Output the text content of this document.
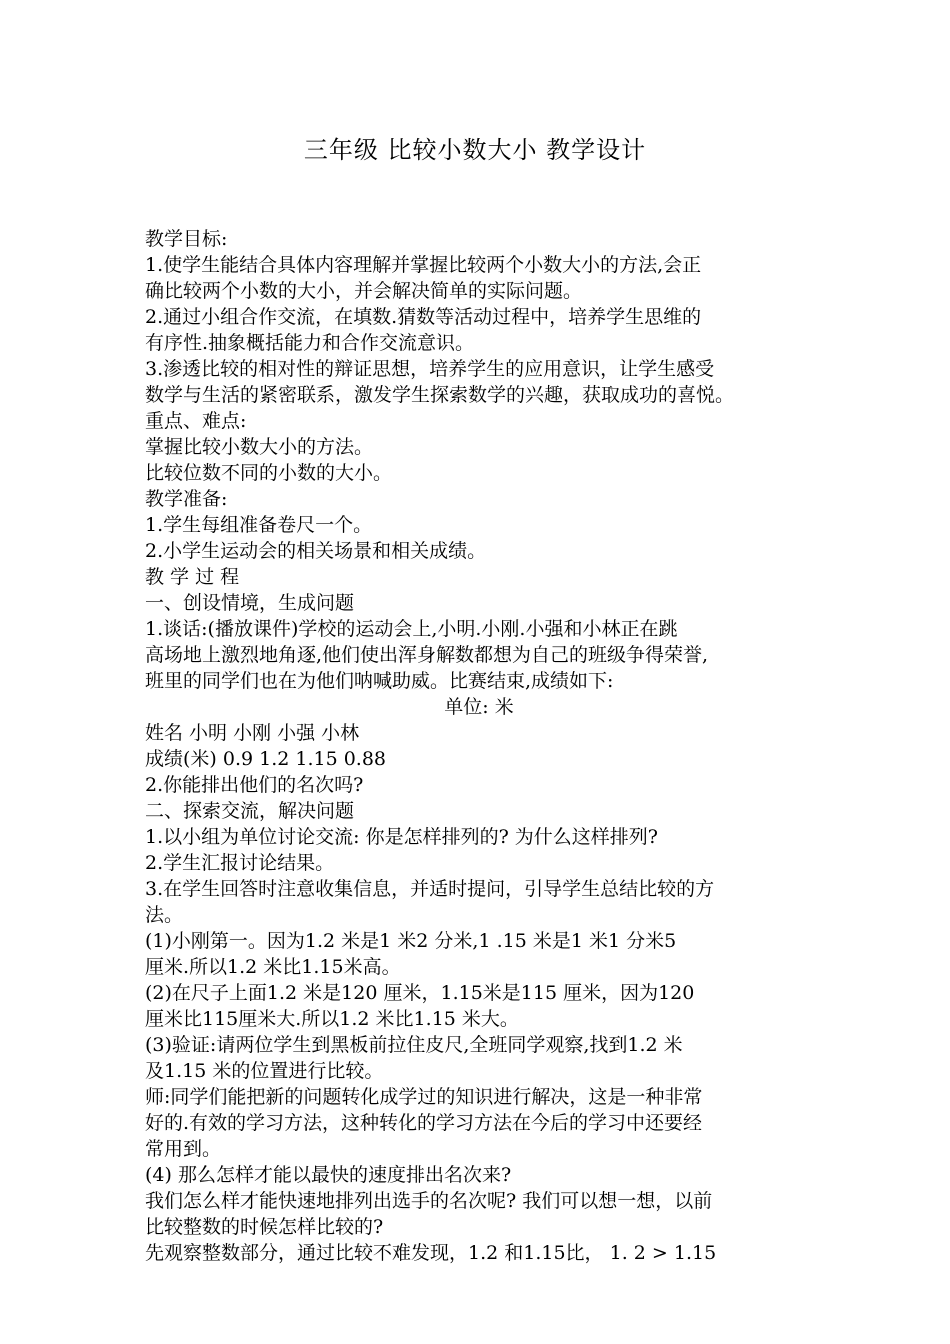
三年级 比较小数大小 教学设计
教学目标:
1.使学生能结合具体内容理解并掌握比较两个小数大小的方法,会正
确比较两个小数的大小，并会解决简单的实际问题。
2.通过小组合作交流，在填数.猜数等活动过程中，培养学生思维的
有序性.抽象概括能力和合作交流意识。
3.渗透比较的相对性的辩证思想，培养学生的应用意识，让学生感受
数学与生活的紧密联系，激发学生探索数学的兴趣，获取成功的喜悦。
重点、难点:
掌握比较小数大小的方法。
比较位数不同的小数的大小。
教学准备:
1.学生每组准备卷尺一个。
2.小学生运动会的相关场景和相关成绩。
教 学 过 程
一、创设情境，生成问题
1.谈话:(播放课件)学校的运动会上,小明.小刚.小强和小林正在跳
高场地上激烈地角逐,他们使出浑身解数都想为自己的班级争得荣誉,
班里的同学们也在为他们呐喊助威。比赛结束,成绩如下:
单位: 米
姓名 小明 小刚 小强 小林
成绩(米) 0.9 1.2 1.15 0.88
2.你能排出他们的名次吗?
二、探索交流，解决问题
1.以小组为单位讨论交流: 你是怎样排列的? 为什么这样排列?
2.学生汇报讨论结果。
3.在学生回答时注意收集信息，并适时提问，引导学生总结比较的方
法。
(1)小刚第一。因为1.2 米是1 米2 分米,1 .15 米是1 米1 分米5
厘米.所以1.2 米比1.15米高。
(2)在尺子上面1.2 米是120 厘米，1.15米是115 厘米，因为120
厘米比115厘米大.所以1.2 米比1.15 米大。
(3)验证:请两位学生到黑板前拉住皮尺,全班同学观察,找到1.2 米
及1.15 米的位置进行比较。
师:同学们能把新的问题转化成学过的知识进行解决，这是一种非常
好的.有效的学习方法，这种转化的学习方法在今后的学习中还要经
常用到。
(4) 那么怎样才能以最快的速度排出名次来?
我们怎么样才能快速地排列出选手的名次呢? 我们可以想一想，以前
比较整数的时候怎样比较的?
先观察整数部分，通过比较不难发现，1.2 和1.15比， 1. 2 > 1.15
